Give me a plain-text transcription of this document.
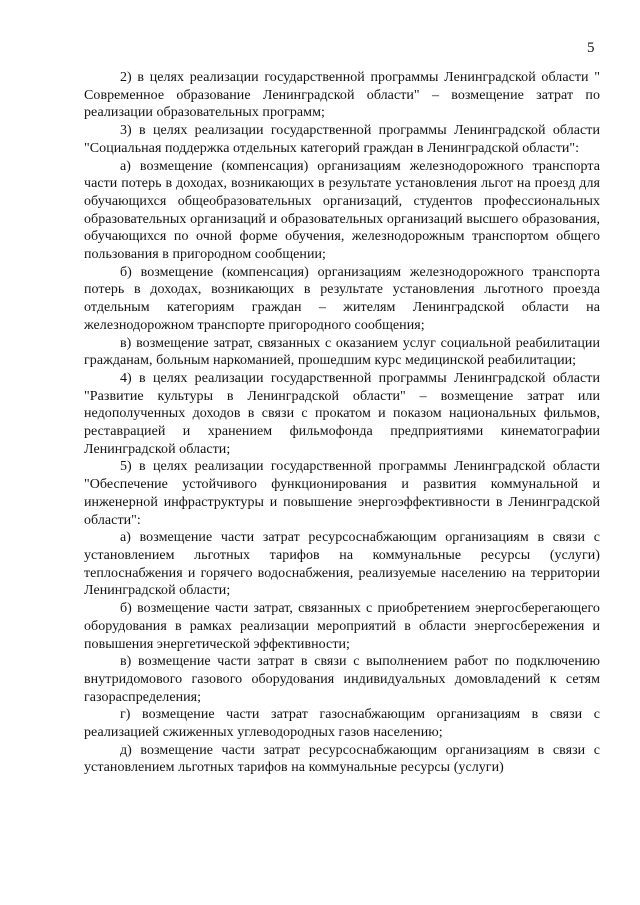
5

2) в целях реализации государственной программы Ленинградской области " Современное образование Ленинградской области" – возмещение затрат по реализации образовательных программ;

3) в целях реализации государственной программы Ленинградской области "Социальная поддержка отдельных категорий граждан в Ленинградской области":

а) возмещение (компенсация) организациям железнодорожного транспорта части потерь в доходах, возникающих в результате установления льгот на проезд для обучающихся общеобразовательных организаций, студентов профессиональных образовательных организаций и образовательных организаций высшего образования, обучающихся по очной форме обучения, железнодорожным транспортом общего пользования в пригородном сообщении;

б) возмещение (компенсация) организациям железнодорожного транспорта потерь в доходах, возникающих в результате установления льготного проезда отдельным категориям граждан – жителям Ленинградской области на железнодорожном транспорте пригородного сообщения;

в) возмещение затрат, связанных с оказанием услуг социальной реабилитации гражданам, больным наркоманией, прошедшим курс медицинской реабилитации;

4) в целях реализации государственной программы Ленинградской области "Развитие культуры в Ленинградской области" – возмещение затрат или недополученных доходов в связи с прокатом и показом национальных фильмов, реставрацией и хранением фильмофонда предприятиями кинематографии Ленинградской области;

5) в целях реализации государственной программы Ленинградской области "Обеспечение устойчивого функционирования и развития коммунальной и инженерной инфраструктуры и повышение энергоэффективности в Ленинградской области":

а) возмещение части затрат ресурсоснабжающим организациям в связи с установлением льготных тарифов на коммунальные ресурсы (услуги) теплоснабжения и горячего водоснабжения, реализуемые населению на территории Ленинградской области;

б) возмещение части затрат, связанных с приобретением энергосберегающего оборудования в рамках реализации мероприятий в области энергосбережения и повышения энергетической эффективности;

в) возмещение части затрат в связи с выполнением работ по подключению внутридомового газового оборудования индивидуальных домовладений к сетям газораспределения;

г) возмещение части затрат газоснабжающим организациям в связи с реализацией сжиженных углеводородных газов населению;

д) возмещение части затрат ресурсоснабжающим организациям в связи с установлением льготных тарифов на коммунальные ресурсы (услуги)
